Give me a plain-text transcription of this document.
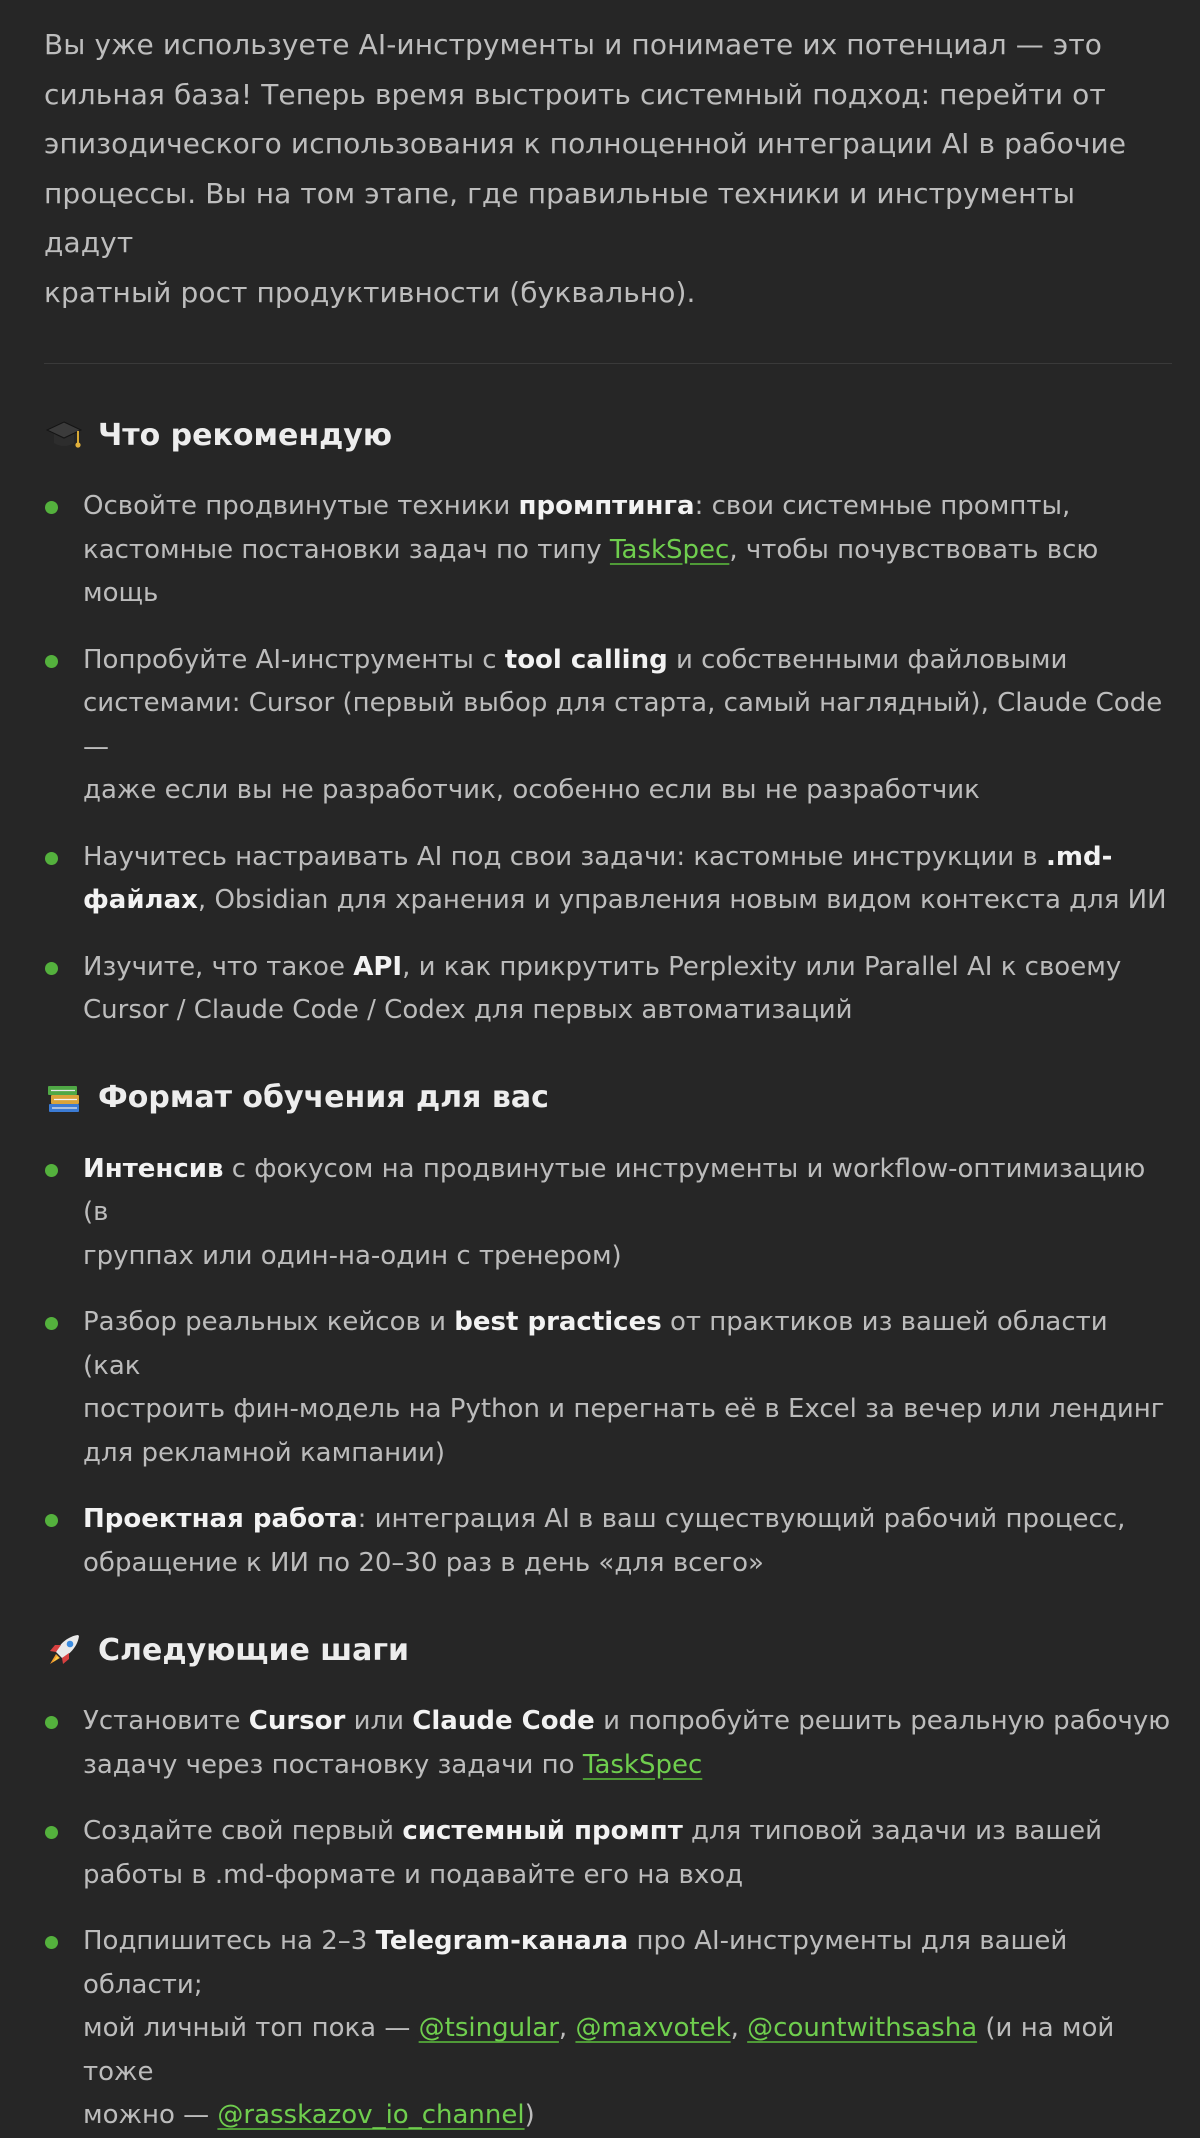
Вы уже используете AI-инструменты и понимаете их потенциал — это
сильная база! Теперь время выстроить системный подход: перейти от
эпизодического использования к полноценной интеграции AI в рабочие
процессы. Вы на том этапе, где правильные техники и инструменты дадут
кратный рост продуктивности (буквально).

Что рекомендую
Освойте продвинутые техники промптинга: свои системные промпты,
кастомные постановки задач по типу TaskSpec, чтобы почувствовать всю мощь
Попробуйте AI-инструменты с tool calling и собственными файловыми
системами: Cursor (первый выбор для старта, самый наглядный), Claude Code —
даже если вы не разработчик, особенно если вы не разработчик
Научитесь настраивать AI под свои задачи: кастомные инструкции в .md-
файлах, Obsidian для хранения и управления новым видом контекста для ИИ
Изучите, что такое API, и как прикрутить Perplexity или Parallel AI к своему
Cursor / Claude Code / Codex для первых автоматизаций
Формат обучения для вас
Интенсив с фокусом на продвинутые инструменты и workflow-оптимизацию (в
группах или один-на-один с тренером)
Разбор реальных кейсов и best practices от практиков из вашей области (как
построить фин-модель на Python и перегнать её в Excel за вечер или лендинг
для рекламной кампании)
Проектная работа: интеграция AI в ваш существующий рабочий процесс,
обращение к ИИ по 20–30 раз в день «для всего»
Следующие шаги
Установите Cursor или Claude Code и попробуйте решить реальную рабочую
задачу через постановку задачи по TaskSpec
Создайте свой первый системный промпт для типовой задачи из вашей
работы в .md-формате и подавайте его на вход
Подпишитесь на 2–3 Telegram-канала про AI-инструменты для вашей области;
мой личный топ пока — @tsingular, @maxvotek, @countwithsasha (и на мой тоже
можно — @rasskazov_io_channel)
